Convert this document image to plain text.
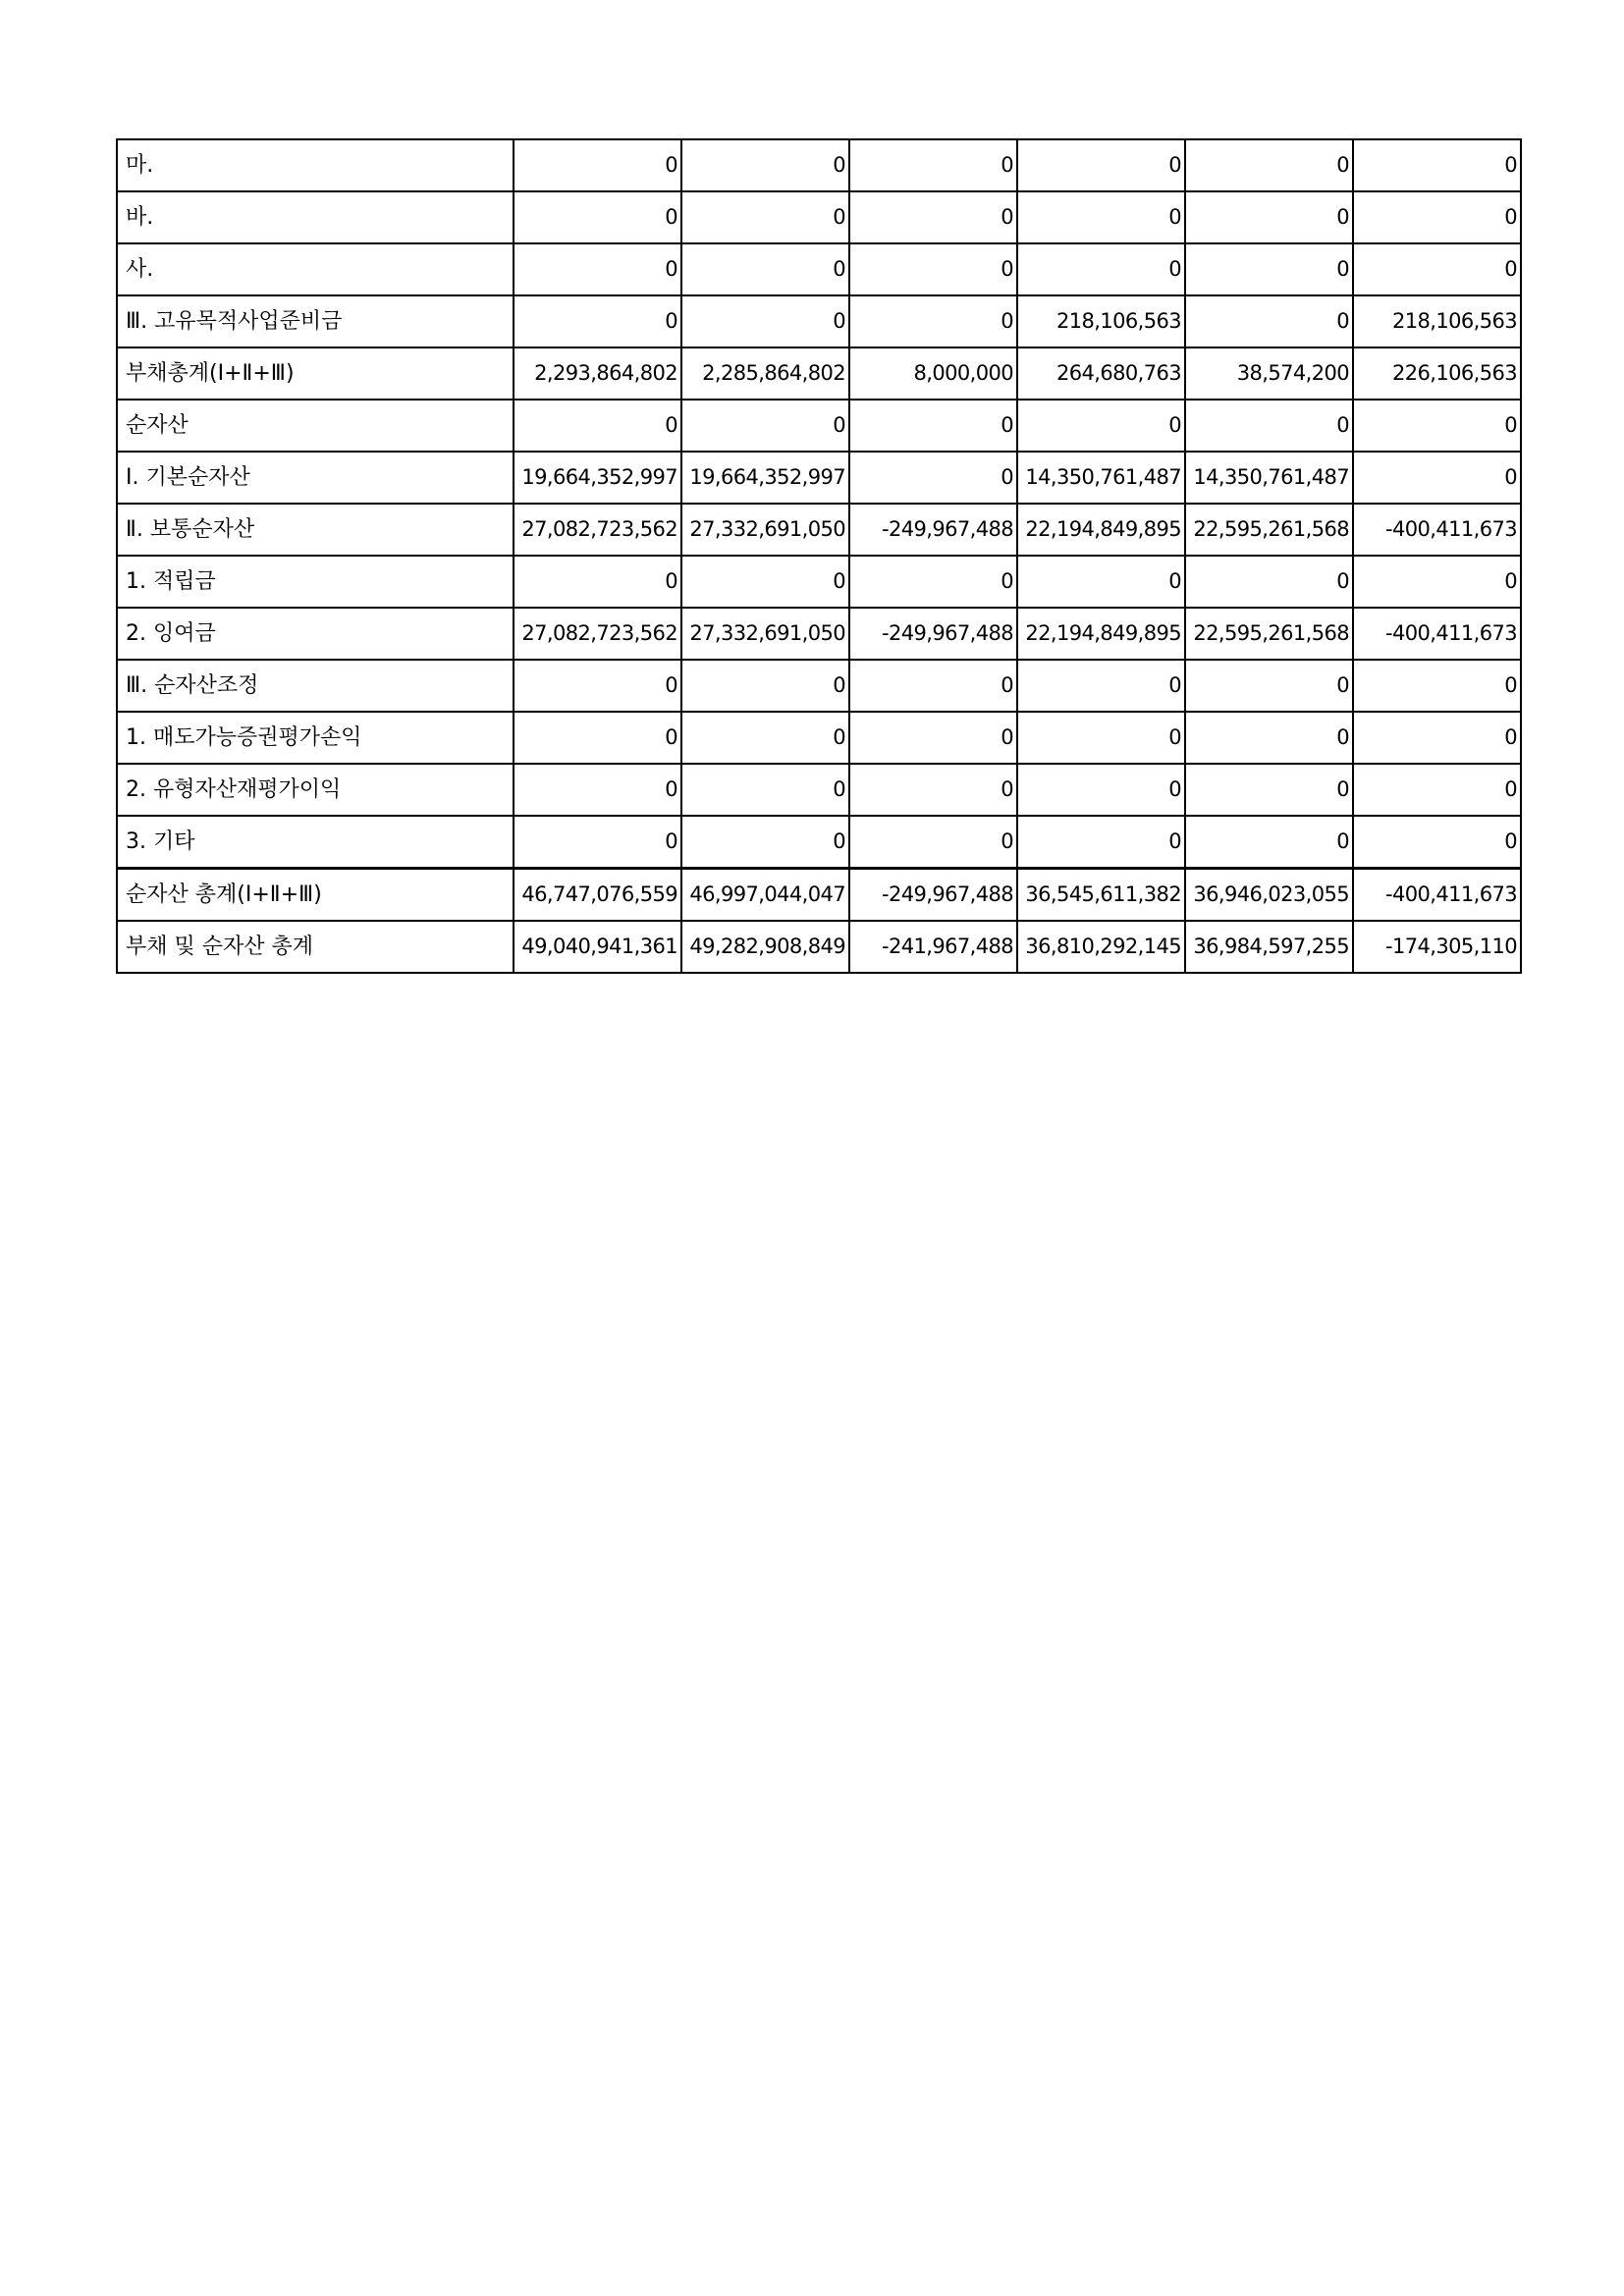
마.	0	0	0	0	0	0
바.	0	0	0	0	0	0
사.	0	0	0	0	0	0
Ⅲ. 고유목적사업준비금	0	0	0	218,106,563	0	218,106,563
부채총계(Ⅰ+Ⅱ+Ⅲ)	2,293,864,802	2,285,864,802	8,000,000	264,680,763	38,574,200	226,106,563
순자산	0	0	0	0	0	0
Ⅰ. 기본순자산	19,664,352,997	19,664,352,997	0	14,350,761,487	14,350,761,487	0
Ⅱ. 보통순자산	27,082,723,562	27,332,691,050	-249,967,488	22,194,849,895	22,595,261,568	-400,411,673
1. 적립금	0	0	0	0	0	0
2. 잉여금	27,082,723,562	27,332,691,050	-249,967,488	22,194,849,895	22,595,261,568	-400,411,673
Ⅲ. 순자산조정	0	0	0	0	0	0
1. 매도가능증권평가손익	0	0	0	0	0	0
2. 유형자산재평가이익	0	0	0	0	0	0
3. 기타	0	0	0	0	0	0
순자산 총계(Ⅰ+Ⅱ+Ⅲ)	46,747,076,559	46,997,044,047	-249,967,488	36,545,611,382	36,946,023,055	-400,411,673
부채 및 순자산 총계	49,040,941,361	49,282,908,849	-241,967,488	36,810,292,145	36,984,597,255	-174,305,110
